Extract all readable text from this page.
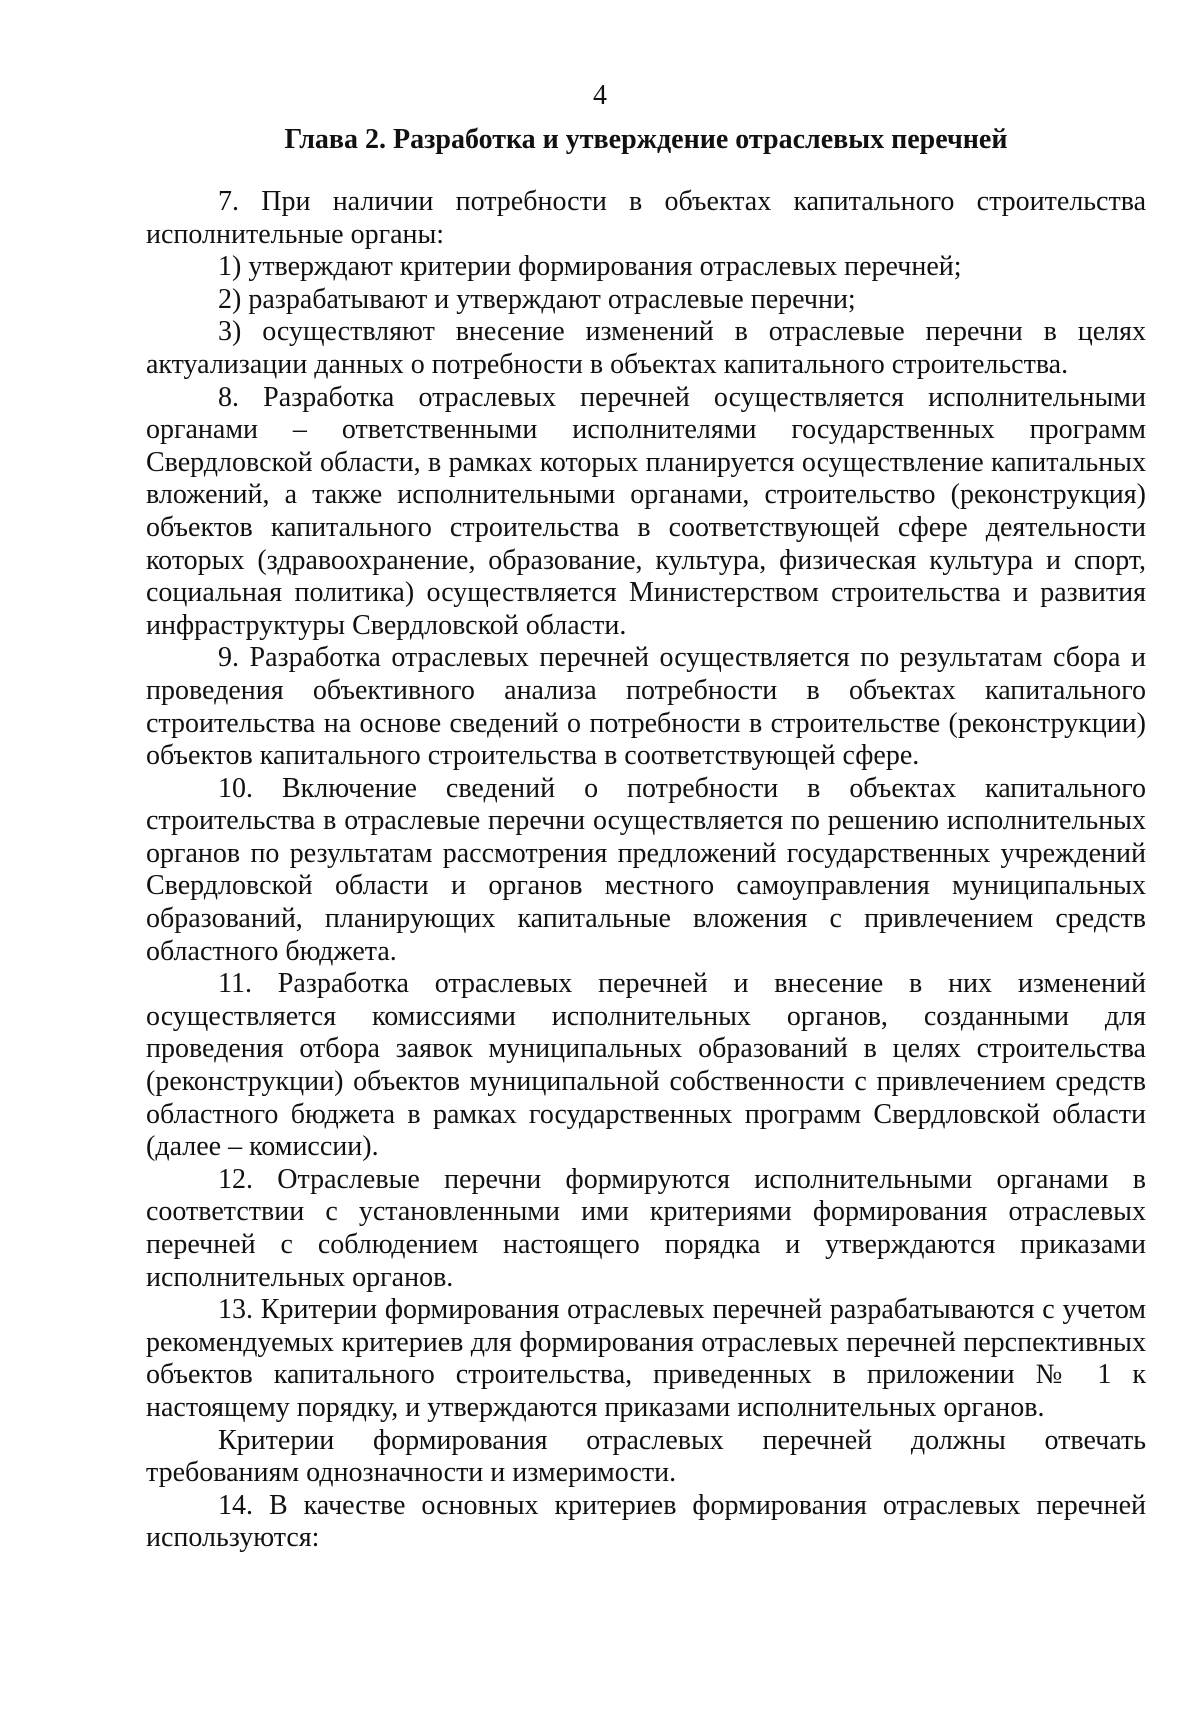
4
Глава 2. Разработка и утверждение отраслевых перечней

7. При наличии потребности в объектах капитального строительства исполнительные органы:

1) утверждают критерии формирования отраслевых перечней;

2) разрабатывают и утверждают отраслевые перечни;

3) осуществляют внесение изменений в отраслевые перечни в целях актуализации данных о потребности в объектах капитального строительства.

8. Разработка отраслевых перечней осуществляется исполнительными органами – ответственными исполнителями государственных программ Свердловской области, в рамках которых планируется осуществление капитальных вложений, а также исполнительными органами, строительство (реконструкция) объектов капитального строительства в соответствующей сфере деятельности которых (здравоохранение, образование, культура, физическая культура и спорт, социальная политика) осуществляется Министерством строительства и развития инфраструктуры Свердловской области.

9. Разработка отраслевых перечней осуществляется по результатам сбора и проведения объективного анализа потребности в объектах капитального строительства на основе сведений о потребности в строительстве (реконструкции) объектов капитального строительства в соответствующей сфере.

10. Включение сведений о потребности в объектах капитального строительства в отраслевые перечни осуществляется по решению исполнительных органов по результатам рассмотрения предложений государственных учреждений Свердловской области и органов местного самоуправления муниципальных образований, планирующих капитальные вложения с привлечением средств областного бюджета.

11. Разработка отраслевых перечней и внесение в них изменений осуществляется комиссиями исполнительных органов, созданными для проведения отбора заявок муниципальных образований в целях строительства (реконструкции) объектов муниципальной собственности с привлечением средств областного бюджета в рамках государственных программ Свердловской области (далее – комиссии).

12. Отраслевые перечни формируются исполнительными органами в соответствии с установленными ими критериями формирования отраслевых перечней с соблюдением настоящего порядка и утверждаются приказами исполнительных органов.

13. Критерии формирования отраслевых перечней разрабатываются с учетом рекомендуемых критериев для формирования отраслевых перечней перспективных объектов капитального строительства, приведенных в приложении № 1 к настоящему порядку, и утверждаются приказами исполнительных органов.

Критерии формирования отраслевых перечней должны отвечать требованиям однозначности и измеримости.

14. В качестве основных критериев формирования отраслевых перечней используются:
